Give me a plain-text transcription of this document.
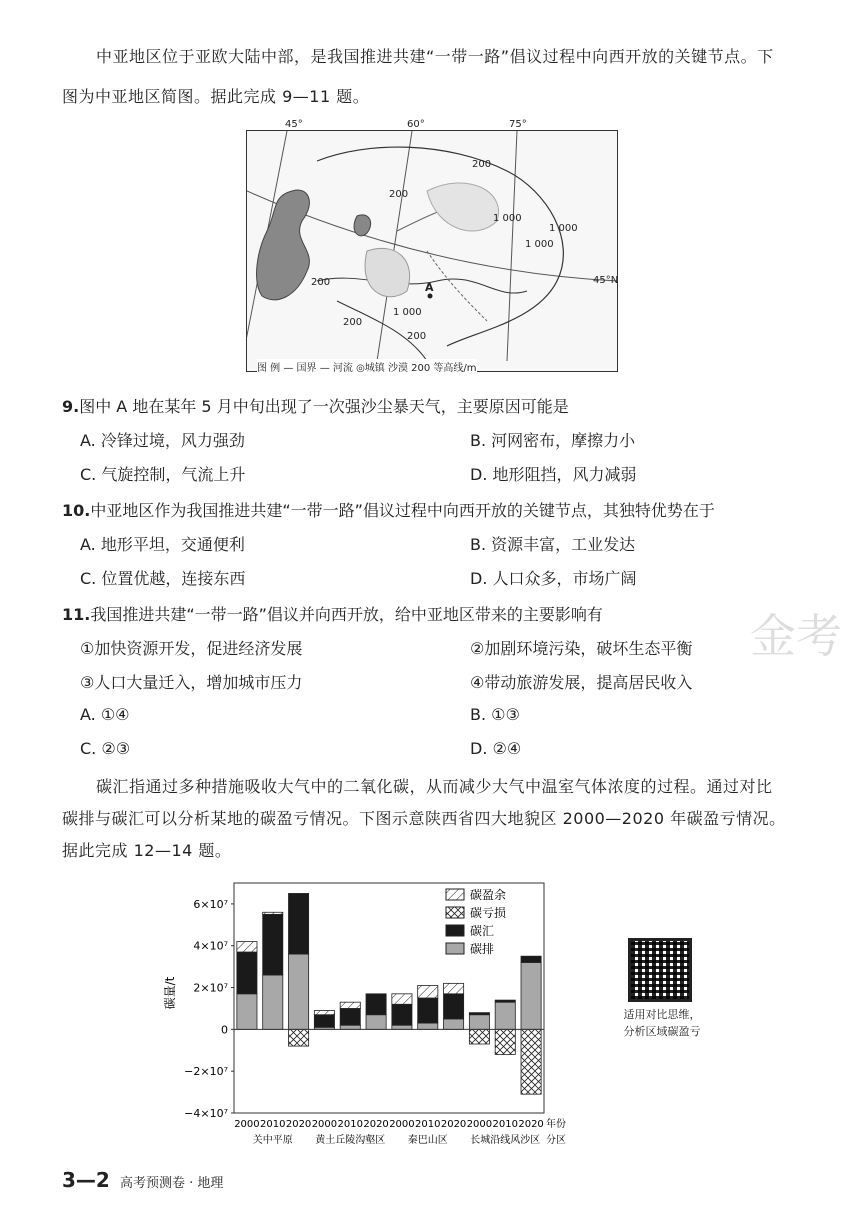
中亚地区位于亚欧大陆中部，是我国推进共建“一带一路”倡议过程中向西开放的关键节点。下
图为中亚地区简图。据此完成 9—11 题。
45°	60°	75°
45°N
200
200
200
200
200
1 000
1 000
1 000
1 000
A
图 例 — 国界 — 河流 ◎城镇 沙漠 200 等高线/m
9.图中 A 地在某年 5 月中旬出现了一次强沙尘暴天气，主要原因可能是
A. 冷锋过境，风力强劲	B. 河网密布，摩擦力小
C. 气旋控制，气流上升	D. 地形阻挡，风力减弱
10.中亚地区作为我国推进共建“一带一路”倡议过程中向西开放的关键节点，其独特优势在于
A. 地形平坦，交通便利	B. 资源丰富，工业发达
C. 位置优越，连接东西	D. 人口众多，市场广阔
11.我国推进共建“一带一路”倡议并向西开放，给中亚地区带来的主要影响有
①加快资源开发，促进经济发展	②加剧环境污染，破坏生态平衡
③人口大量迁入，增加城市压力	④带动旅游发展，提高居民收入
A. ①④	B. ①③
C. ②③	D. ②④
金考
碳汇指通过多种措施吸收大气中的二氧化碳，从而减少大气中温室气体浓度的过程。通过对比
碳排与碳汇可以分析某地的碳盈亏情况。下图示意陕西省四大地貌区 2000—2020 年碳盈亏情况。
据此完成 12—14 题。
6×10⁷
4×10⁷
2×10⁷
0
−2×10⁷
−4×10⁷
2000 2010 2020 2000 2010 2020 2000 2010 2020 2000 2010 2020 年份
关中平原 黄土丘陵沟壑区 秦巴山区 长城沿线风沙区 分区
碳量/t
碳盈余
碳亏损
碳汇
碳排
适用对比思维，
分析区域碳盈亏
3—2 高考预测卷 · 地理
